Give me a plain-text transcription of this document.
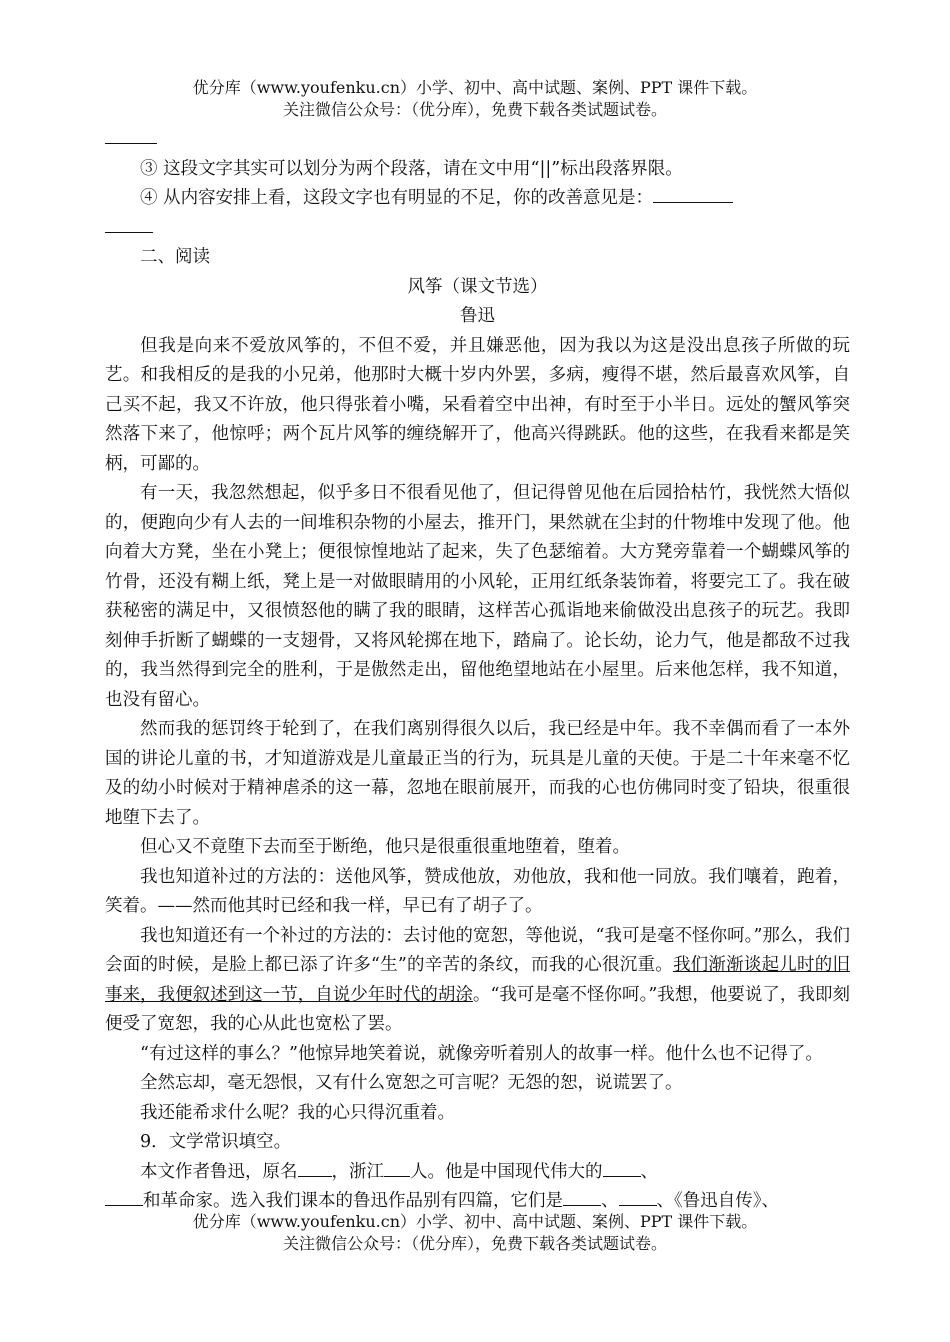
优分库（www.youfenku.cn）小学、初中、高中试题、案例、PPT 课件下载。
关注微信公众号：（优分库），免费下载各类试题试卷。

③ 这段文字其实可以划分为两个段落，请在文中用“||”标出段落界限。

④ 从内容安排上看，这段文字也有明显的不足，你的改善意见是：

二、阅读

风筝（课文节选）

鲁迅

但我是向来不爱放风筝的，不但不爱，并且嫌恶他，因为我以为这是没出息孩子所做的玩艺。和我相反的是我的小兄弟，他那时大概十岁内外罢，多病，瘦得不堪，然后最喜欢风筝，自己买不起，我又不许放，他只得张着小嘴，呆看着空中出神，有时至于小半日。远处的蟹风筝突然落下来了，他惊呼；两个瓦片风筝的缠绕解开了，他高兴得跳跃。他的这些，在我看来都是笑柄，可鄙的。

有一天，我忽然想起，似乎多日不很看见他了，但记得曾见他在后园拾枯竹，我恍然大悟似的，便跑向少有人去的一间堆积杂物的小屋去，推开门，果然就在尘封的什物堆中发现了他。他向着大方凳，坐在小凳上；便很惊惶地站了起来，失了色瑟缩着。大方凳旁靠着一个蝴蝶风筝的竹骨，还没有糊上纸，凳上是一对做眼睛用的小风轮，正用红纸条装饰着，将要完工了。我在破获秘密的满足中，又很愤怒他的瞒了我的眼睛，这样苦心孤诣地来偷做没出息孩子的玩艺。我即刻伸手折断了蝴蝶的一支翅骨，又将风轮掷在地下，踏扁了。论长幼，论力气，他是都敌不过我的，我当然得到完全的胜利，于是傲然走出，留他绝望地站在小屋里。后来他怎样，我不知道，也没有留心。

然而我的惩罚终于轮到了，在我们离别得很久以后，我已经是中年。我不幸偶而看了一本外国的讲论儿童的书，才知道游戏是儿童最正当的行为，玩具是儿童的天使。于是二十年来毫不忆及的幼小时候对于精神虐杀的这一幕，忽地在眼前展开，而我的心也仿佛同时变了铅块，很重很地堕下去了。

但心又不竟堕下去而至于断绝，他只是很重很重地堕着，堕着。

我也知道补过的方法的：送他风筝，赞成他放，劝他放，我和他一同放。我们嚷着，跑着，笑着。——然而他其时已经和我一样，早已有了胡子了。

我也知道还有一个补过的方法的：去讨他的宽恕，等他说，“我可是毫不怪你呵。”那么，我们会面的时候，是脸上都已添了许多“生”的辛苦的条纹，而我的心很沉重。我们渐渐谈起儿时的旧事来，我便叙述到这一节，自说少年时代的胡涂。“我可是毫不怪你呵。”我想，他要说了，我即刻便受了宽恕，我的心从此也宽松了罢。

“有过这样的事么？”他惊异地笑着说，就像旁听着别人的故事一样。他什么也不记得了。

全然忘却，毫无怨恨，又有什么宽恕之可言呢？无怨的恕，说谎罢了。

我还能希求什么呢？我的心只得沉重着。

9．文学常识填空。

本文作者鲁迅，原名 ，浙江 人。他是中国现代伟大的 、
和革命家。选入我们课本的鲁迅作品别有四篇，它们是 、 、《鲁迅自传》、

优分库（www.youfenku.cn）小学、初中、高中试题、案例、PPT 课件下载。
关注微信公众号：（优分库），免费下载各类试题试卷。
